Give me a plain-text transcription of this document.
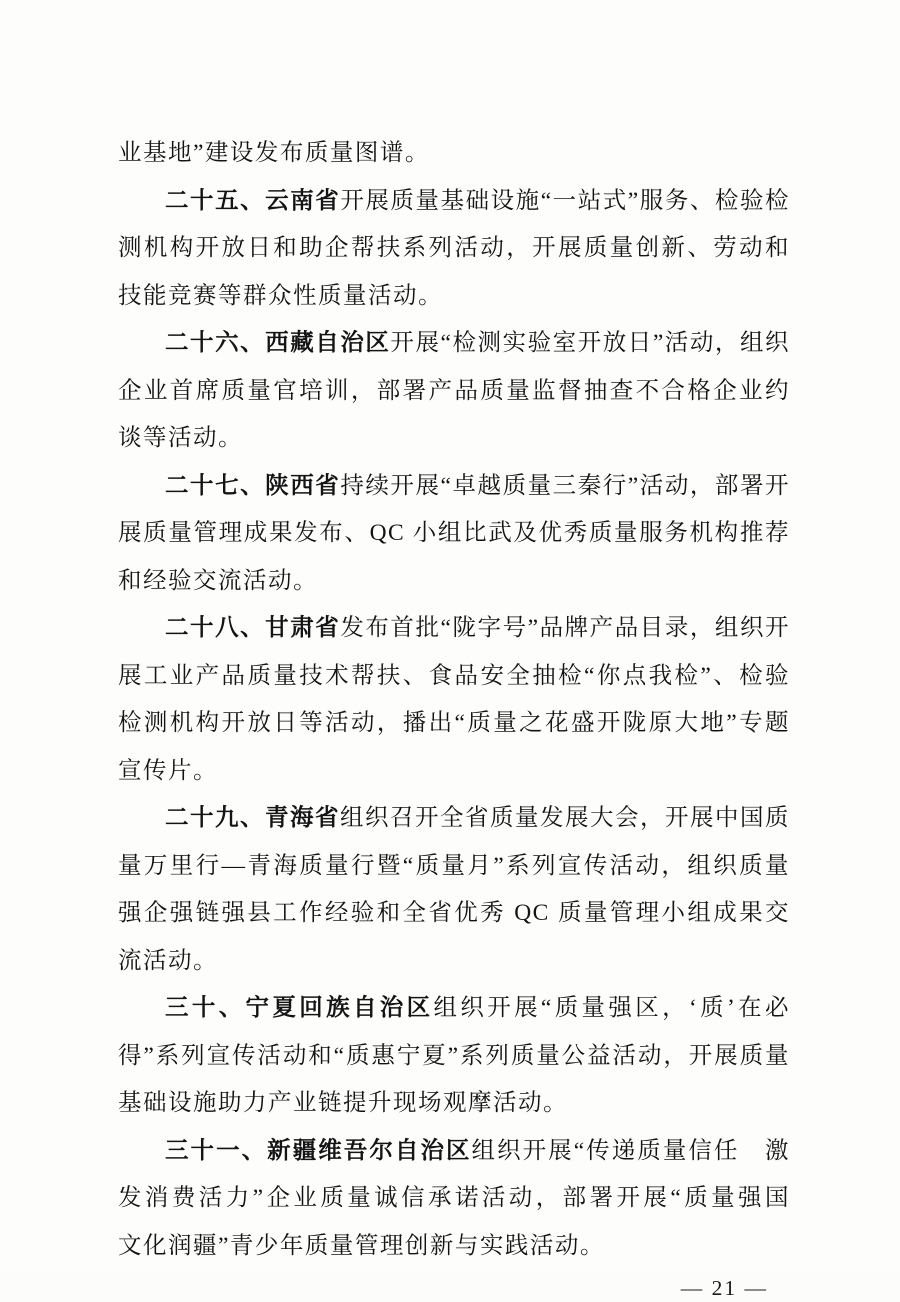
业基地”建设发布质量图谱。

二十五、云南省开展质量基础设施“一站式”服务、检验检测机构开放日和助企帮扶系列活动，开展质量创新、劳动和技能竞赛等群众性质量活动。

二十六、西藏自治区开展“检测实验室开放日”活动，组织企业首席质量官培训，部署产品质量监督抽查不合格企业约谈等活动。

二十七、陕西省持续开展“卓越质量三秦行”活动，部署开展质量管理成果发布、QC 小组比武及优秀质量服务机构推荐和经验交流活动。

二十八、甘肃省发布首批“陇字号”品牌产品目录，组织开展工业产品质量技术帮扶、食品安全抽检“你点我检”、检验检测机构开放日等活动，播出“质量之花盛开陇原大地”专题宣传片。

二十九、青海省组织召开全省质量发展大会，开展中国质量万里行—青海质量行暨“质量月”系列宣传活动，组织质量强企强链强县工作经验和全省优秀 QC 质量管理小组成果交流活动。

三十、宁夏回族自治区组织开展“质量强区，‘质’在必得”系列宣传活动和“质惠宁夏”系列质量公益活动，开展质量基础设施助力产业链提升现场观摩活动。

三十一、新疆维吾尔自治区组织开展“传递质量信任　激发消费活力”企业质量诚信承诺活动，部署开展“质量强国　文化润疆”青少年质量管理创新与实践活动。

— 21 —
